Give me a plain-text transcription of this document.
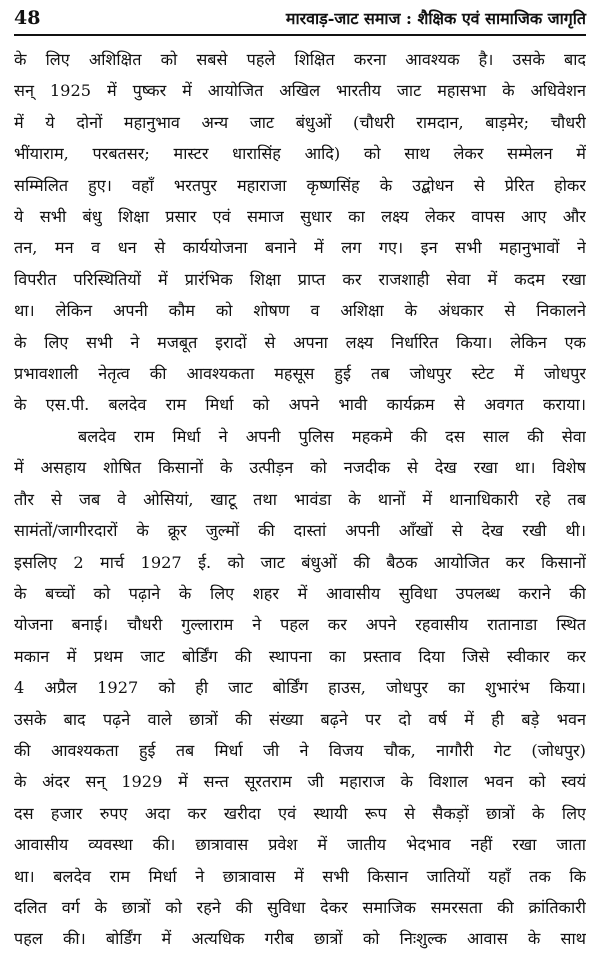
48	मारवाड़-जाट समाज : शैक्षिक एवं सामाजिक जागृति
के लिए अशिक्षित को सबसे पहले शिक्षित करना आवश्यक है। उसके बाद
सन् 1925 में पुष्कर में आयोजित अखिल भारतीय जाट महासभा के अधिवेशन
में ये दोनों महानुभाव अन्य जाट बंधुओं (चौधरी रामदान, बाड़मेर; चौधरी
भींयाराम, परबतसर; मास्टर धारासिंह आदि) को साथ लेकर सम्मेलन में
सम्मिलित हुए। वहाँ भरतपुर महाराजा कृष्णसिंह के उद्बोधन से प्रेरित होकर
ये सभी बंधु शिक्षा प्रसार एवं समाज सुधार का लक्ष्य लेकर वापस आए और
तन, मन व धन से कार्ययोजना बनाने में लग गए। इन सभी महानुभावों ने
विपरीत परिस्थितियों में प्रारंभिक शिक्षा प्राप्त कर राजशाही सेवा में कदम रखा
था। लेकिन अपनी कौम को शोषण व अशिक्षा के अंधकार से निकालने
के लिए सभी ने मजबूत इरादों से अपना लक्ष्य निर्धारित किया। लेकिन एक
प्रभावशाली नेतृत्व की आवश्यकता महसूस हुई तब जोधपुर स्टेट में जोधपुर
के एस.पी. बलदेव राम मिर्धा को अपने भावी कार्यक्रम से अवगत कराया।
बलदेव राम मिर्धा ने अपनी पुलिस महकमे की दस साल की सेवा
में असहाय शोषित किसानों के उत्पीड़न को नजदीक से देख रखा था। विशेष
तौर से जब वे ओसियां, खाटू तथा भावंडा के थानों में थानाधिकारी रहे तब
सामंतों/जागीरदारों के क्रूर जुल्मों की दास्तां अपनी आँखों से देख रखी थी।
इसलिए 2 मार्च 1927 ई. को जाट बंधुओं की बैठक आयोजित कर किसानों
के बच्चों को पढ़ाने के लिए शहर में आवासीय सुविधा उपलब्ध कराने की
योजना बनाई। चौधरी गुल्लाराम ने पहल कर अपने रहवासीय रातानाडा स्थित
मकान में प्रथम जाट बोर्डिंग की स्थापना का प्रस्ताव दिया जिसे स्वीकार कर
4 अप्रैल 1927 को ही जाट बोर्डिंग हाउस, जोधपुर का शुभारंभ किया।
उसके बाद पढ़ने वाले छात्रों की संख्या बढ़ने पर दो वर्ष में ही बड़े भवन
की आवश्यकता हुई तब मिर्धा जी ने विजय चौक, नागौरी गेट (जोधपुर)
के अंदर सन् 1929 में सन्त सूरतराम जी महाराज के विशाल भवन को स्वयं
दस हजार रुपए अदा कर खरीदा एवं स्थायी रूप से सैकड़ों छात्रों के लिए
आवासीय व्यवस्था की। छात्रावास प्रवेश में जातीय भेदभाव नहीं रखा जाता
था। बलदेव राम मिर्धा ने छात्रावास में सभी किसान जातियों यहाँ तक कि
दलित वर्ग के छात्रों को रहने की सुविधा देकर समाजिक समरसता की क्रांतिकारी
पहल की। बोर्डिंग में अत्यधिक गरीब छात्रों को निःशुल्क आवास के साथ
